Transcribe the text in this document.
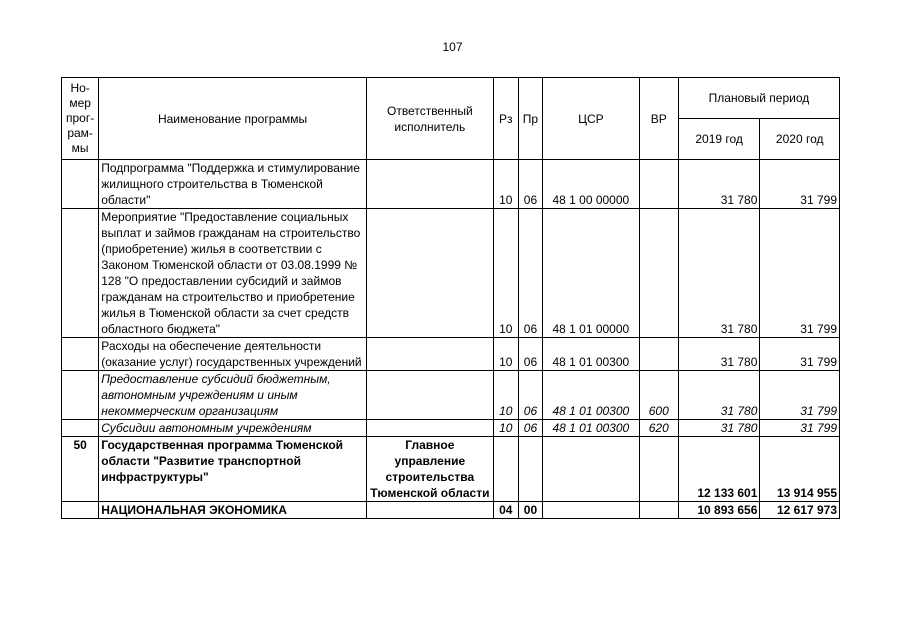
107
Но-мер прог-рам-мы	Наименование программы	Ответственный исполнитель	Рз	Пр	ЦСР	ВР	Плановый период	
							2019 год	2020 год
	Подпрограмма "Поддержка и стимулирование жилищного строительства в Тюменской области"		10	06	48 1 00 00000		31 780	31 799
	Мероприятие "Предоставление социальных выплат и займов гражданам на строительство (приобретение) жилья в соответствии с Законом Тюменской области от 03.08.1999 № 128 "О предоставлении субсидий и займов гражданам на строительство и приобретение жилья в Тюменской области за счет средств областного бюджета"		10	06	48 1 01 00000		31 780	31 799
	Расходы на обеспечение деятельности (оказание услуг) государственных учреждений		10	06	48 1 01 00300		31 780	31 799
	Предоставление субсидий бюджетным, автономным учреждениям и иным некоммерческим организациям		10	06	48 1 01 00300	600	31 780	31 799
	Субсидии автономным учреждениям		10	06	48 1 01 00300	620	31 780	31 799
50	Государственная программа Тюменской области "Развитие транспортной инфраструктуры"	Главное управление строительства Тюменской области					12 133 601	13 914 955
	НАЦИОНАЛЬНАЯ ЭКОНОМИКА		04	00			10 893 656	12 617 973
